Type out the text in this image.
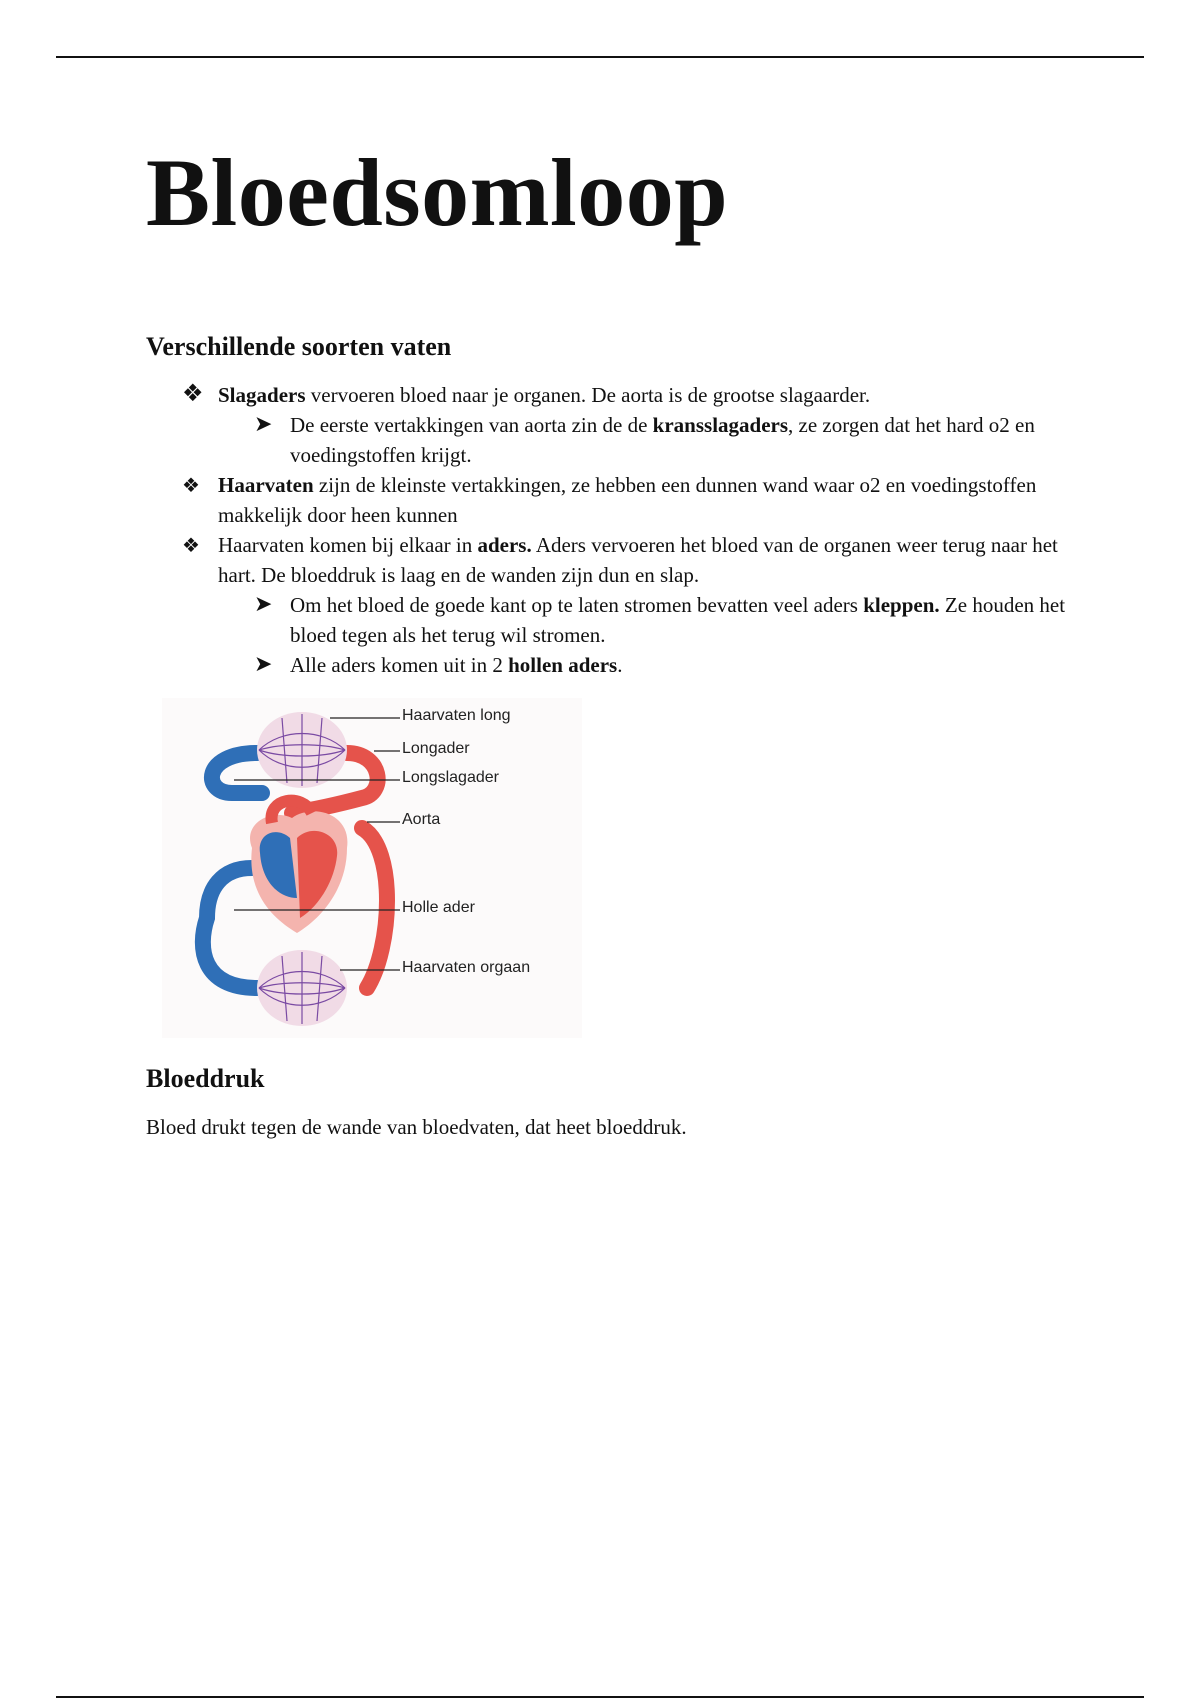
Bloedsomloop
Verschillende soorten vaten
❖ Slagaders vervoeren bloed naar je organen. De aorta is de grootse slagaarder.
➤ De eerste vertakkingen van aorta zin de de kransslagaders, ze zorgen dat het hard o2 en voedingstoffen krijgt.
❖ Haarvaten zijn de kleinste vertakkingen, ze hebben een dunnen wand waar o2 en voedingstoffen makkelijk door heen kunnen
❖ Haarvaten komen bij elkaar in aders. Aders vervoeren het bloed van de organen weer terug naar het hart. De bloeddruk is laag en de wanden zijn dun en slap.
➤ Om het bloed de goede kant op te laten stromen bevatten veel aders kleppen. Ze houden het bloed tegen als het terug wil stromen.
➤ Alle aders komen uit in 2 hollen aders.
Haarvaten long
Longader
Longslagader
Aorta
Holle ader
Haarvaten orgaan
Bloeddruk
Bloed drukt tegen de wande van bloedvaten, dat heet bloeddruk.
